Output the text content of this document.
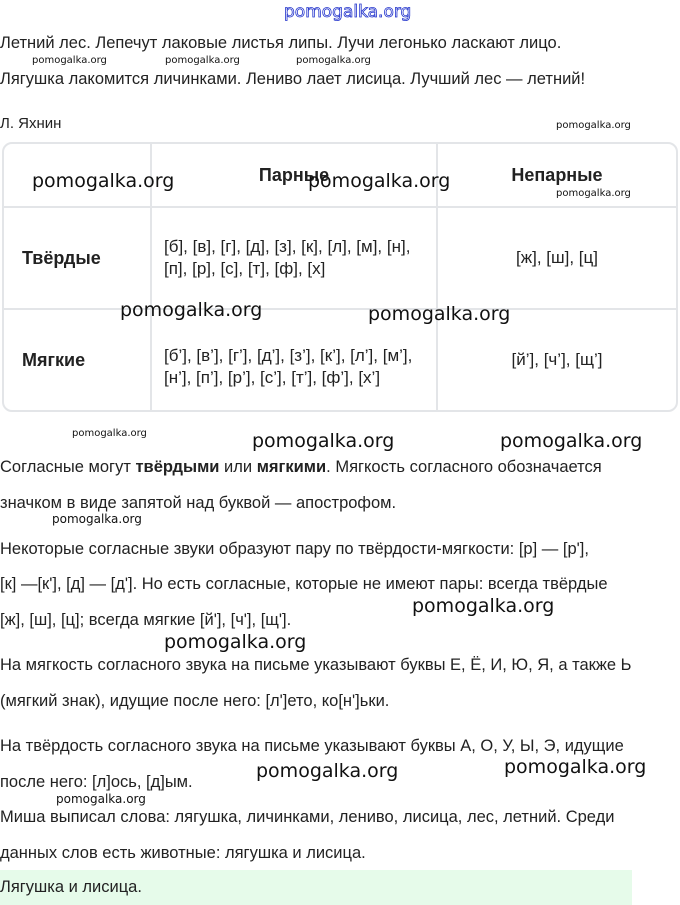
pomogalka.org
Летний лес. Лепечут лаковые листья липы. Лучи легонько ласкают лицо.
Лягушка лакомится личинками. Лениво лает лисица. Лучший лес — летний!
Л. Яхнин
	Парные	Непарные
Твёрдые	[б], [в], [г], [д], [з], [к], [л], [м], [н], [п], [р], [с], [т], [ф], [х]	[ж], [ш], [ц]
Мягкие	[б’], [в’], [г’], [д’], [з’], [к’], [л’], [м’], [н’], [п’], [р’], [с’], [т’], [ф’], [х’]	[й’], [ч’], [щ’]
Согласные могут твёрдыми или мягкими. Мягкость согласного обозначается
значком в виде запятой над буквой — апострофом.
Некоторые согласные звуки образуют пару по твёрдости-мягкости: [р] — [р'],
[к] —[к'], [д] — [д']. Но есть согласные, которые не имеют пары: всегда твёрдые
[ж], [ш], [ц]; всегда мягкие [й'], [ч'], [щ'].
На мягкость согласного звука на письме указывают буквы Е, Ё, И, Ю, Я, а также Ь
(мягкий знак), идущие после него: [л']ето, ко[н']ьки.
На твёрдость согласного звука на письме указывают буквы А, О, У, Ы, Э, идущие
после него: [л]ось, [д]ым.
Миша выписал слова: лягушка, личинками, лениво, лисица, лес, летний. Среди
данных слов есть животные: лягушка и лисица.
Лягушка и лисица.
pomogalka.org	pomogalka.org	pomogalka.org
pomogalka.org
pomogalka.org	pomogalka.org
pomogalka.org
pomogalka.org	pomogalka.org
pomogalka.org	pomogalka.org	pomogalka.org
pomogalka.org
pomogalka.org
pomogalka.org
pomogalka.org	pomogalka.org
pomogalka.org
